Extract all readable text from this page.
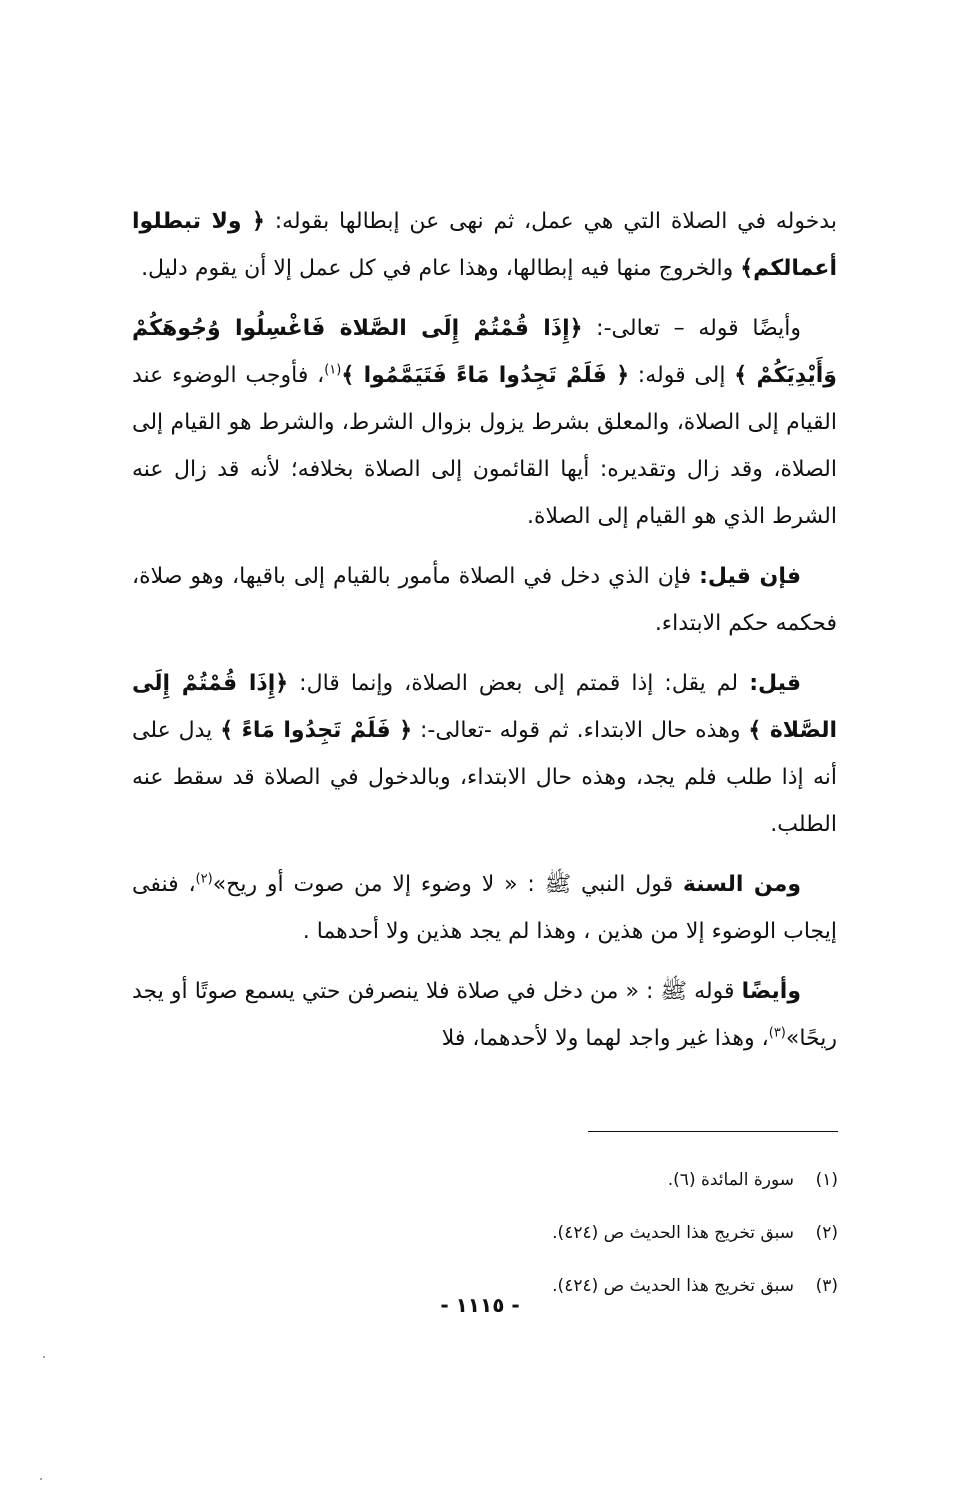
بدخوله في الصلاة التي هي عمل، ثم نهى عن إبطالها بقوله: ﴿ ولا تبطلوا أعمالكم﴾ والخروج منها فيه إبطالها، وهذا عام في كل عمل إلا أن يقوم دليل.

وأيضًا قوله – تعالى-: ﴿إِذَا قُمْتُمْ إِلَى الصَّلاة فَاغْسِلُوا وُجُوهَكُمْ وَأَيْدِيَكُمْ ﴾ إلى قوله: ﴿ فَلَمْ تَجِدُوا مَاءً فَتَيَمَّمُوا ﴾$^{(١)}$، فأوجب الوضوء عند القيام إلى الصلاة، والمعلق بشرط يزول بزوال الشرط، والشرط هو القيام إلى الصلاة، وقد زال وتقديره: أيها القائمون إلى الصلاة بخلافه؛ لأنه قد زال عنه الشرط الذي هو القيام إلى الصلاة.

فإن قيل: فإن الذي دخل في الصلاة مأمور بالقيام إلى باقيها، وهو صلاة، فحكمه حكم الابتداء.

قيل: لم يقل: إذا قمتم إلى بعض الصلاة، وإنما قال: ﴿إِذَا قُمْتُمْ إِلَى الصَّلاة ﴾ وهذه حال الابتداء. ثم قوله -تعالى-: ﴿ فَلَمْ تَجِدُوا مَاءً ﴾ يدل على أنه إذا طلب فلم يجد، وهذه حال الابتداء، وبالدخول في الصلاة قد سقط عنه الطلب.

ومن السنة قول النبي ﷺ : « لا وضوء إلا من صوت أو ريح»$^{(٢)}$، فنفى إيجاب الوضوء إلا من هذين ، وهذا لم يجد هذين ولا أحدهما .

وأيضًا قوله ﷺ : « من دخل في صلاة فلا ينصرفن حتي يسمع صوتًا أو يجد ريحًا»$^{(٣)}$، وهذا غير واجد لهما ولا لأحدهما، فلا

(١)سورة المائدة (٦).
(٢)سبق تخريج هذا الحديث ص (٤٢٤).
(٣)سبق تخريج هذا الحديث ص (٤٢٤).
- ١١١٥ -
